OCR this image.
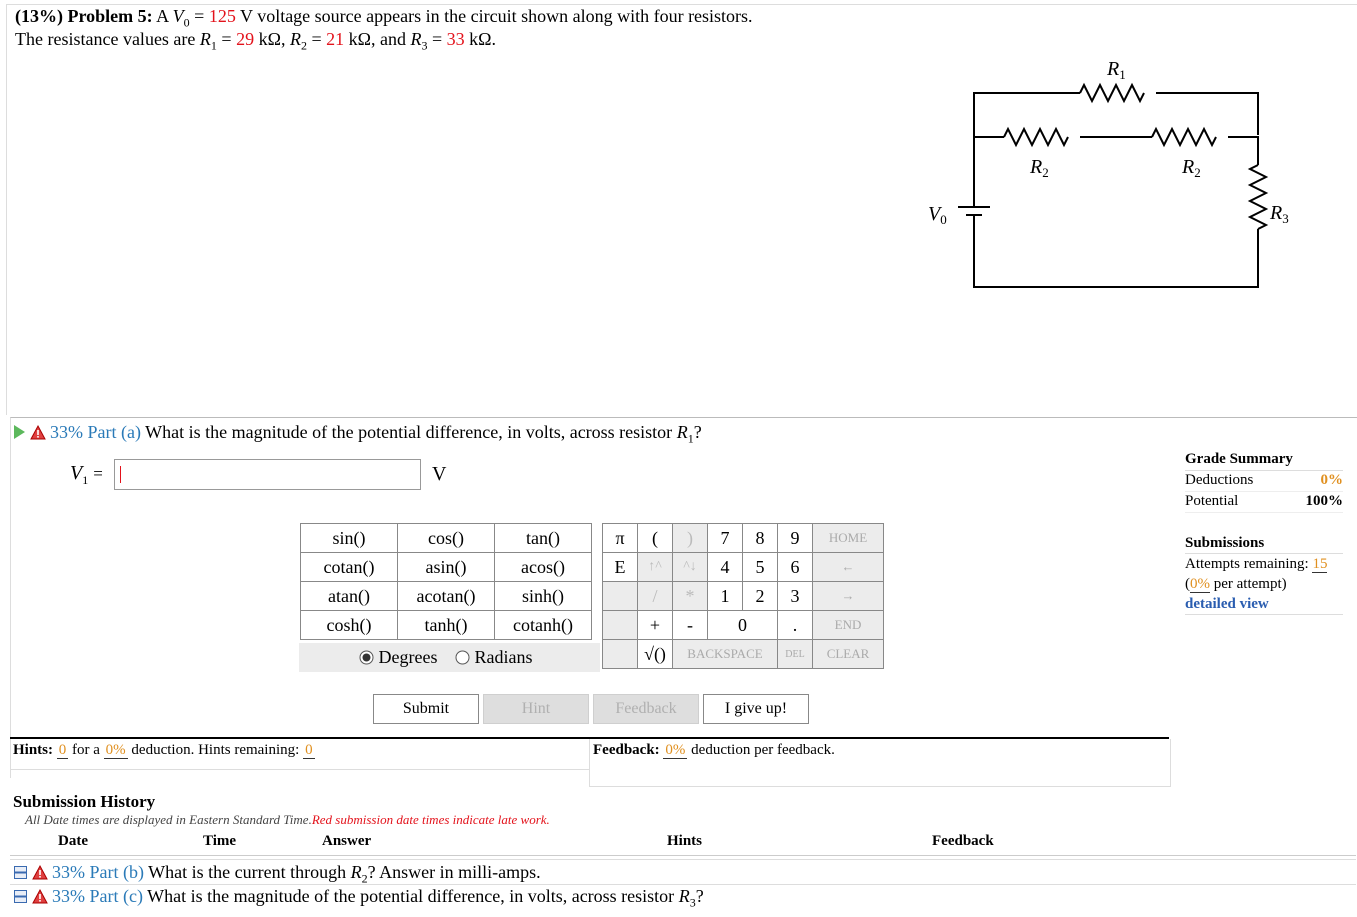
(13%) Problem 5: A $V_0 = 125$ V voltage source appears in the circuit shown along with four resistors.
The resistance values are $R_1 = 29$ kΩ, $R_2 = 21$ kΩ, and $R_3 = 33$ kΩ.
$R_1$
$R_2$	$R_2$
$R_3$
$V_0$
33% Part (a) What is the magnitude of the potential difference, in volts, across resistor $R_1$?
$V_1$ =	V
sin()	cos()	tan()
cotan()	asin()	acos()
atan()	acotan()	sinh()
cosh()	tanh()	cotanh()
Degrees	Radians
π	(	)	7	8	9	HOME
E	↑^	^↓	4	5	6	←
	/	*	1	2	3	→
	+	-	0		.	END
	√()	BACKSPACE			DEL	CLEAR
Submit	Hint	Feedback	I give up!
Hints: 0 for a 0% deduction. Hints remaining: 0	Feedback: 0% deduction per feedback.
Grade Summary
Deductions	0%
Potential	100%
Submissions
Attempts remaining: 15
(0% per attempt)
detailed view
Submission History
All Date times are displayed in Eastern Standard Time.Red submission date times indicate late work.
Date	Time	Answer	Hints	Feedback
33% Part (b) What is the current through $R_2$? Answer in milli-amps.
33% Part (c) What is the magnitude of the potential difference, in volts, across resistor $R_3$?
